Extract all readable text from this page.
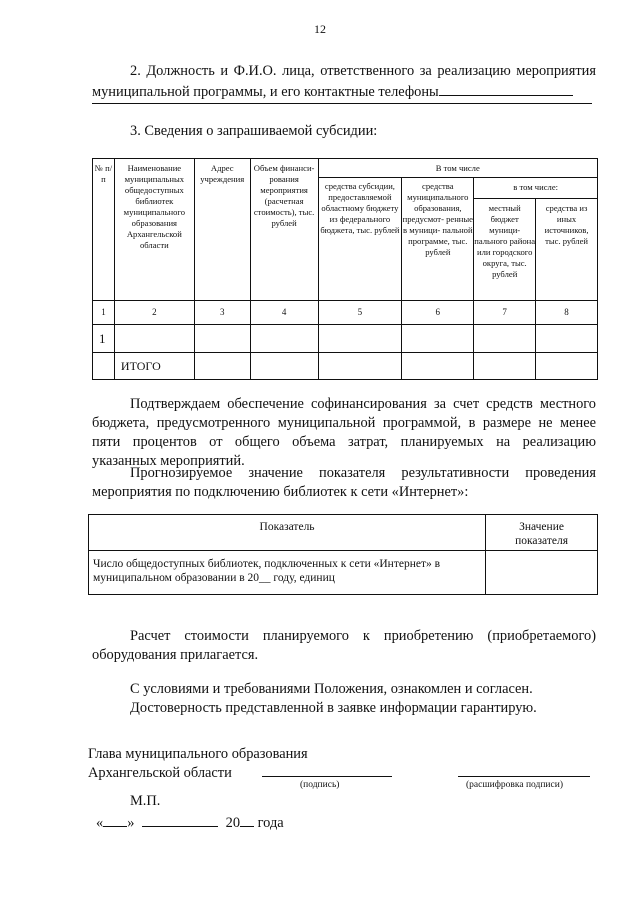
12
2. Должность и Ф.И.О. лица, ответственного за реализацию мероприятия
муниципальной программы, и его контактные телефоны
3. Сведения о запрашиваемой субсидии:
№ п/п	Наименование муниципальных общедоступных библиотек муниципального образования Архангельской области	Адрес учреждения	Объем финанси- рования мероприятия (расчетная стоимость), тыс. рублей	В том числе			
				средства субсидии, предоставляемой областному бюджету из федерального бюджета, тыс. рублей	средства муниципального образования, предусмот- ренные в муници- пальной программе, тыс. рублей	в том числе:	
						местный бюджет муници- пального района или городского округа, тыс. рублей	средства из иных источников, тыс. рублей
1	2	3	4	5	6	7	8
1							
	ИТОГО						
Подтверждаем обеспечение софинансирования за счет средств местного
бюджета, предусмотренного муниципальной программой, в размере не менее
пяти процентов от общего объема затрат, планируемых на реализацию
указанных мероприятий.
Прогнозируемое значение показателя результативности проведения
мероприятия по подключению библиотек к сети «Интернет»:
Показатель	Значение показателя
Число общедоступных библиотек, подключенных к сети «Интернет» в муниципальном образовании в 20__ году, единиц	
Расчет стоимости планируемого к приобретению (приобретаемого)
оборудования прилагается.
С условиями и требованиями Положения, ознакомлен и согласен.
Достоверность представленной в заявке информации гарантирую.
Глава муниципального образования
Архангельской области
(подпись)	(расшифровка подписи)
М.П.
« »	20 года
